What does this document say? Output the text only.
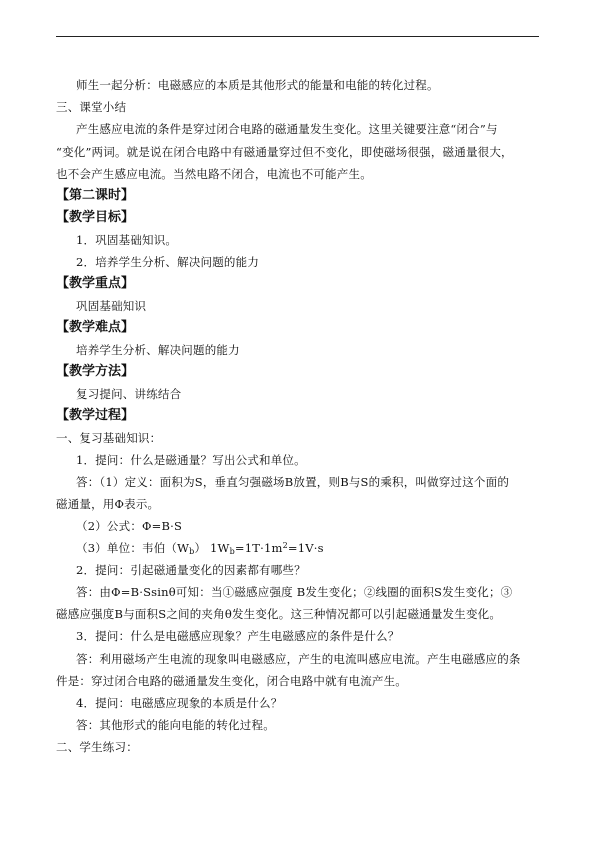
师生一起分析：电磁感应的本质是其他形式的能量和电能的转化过程。
三、课堂小结
产生感应电流的条件是穿过闭合电路的磁通量发生变化。这里关键要注意“闭合”与
“变化”两词。就是说在闭合电路中有磁通量穿过但不变化，即使磁场很强，磁通量很大，
也不会产生感应电流。当然电路不闭合，电流也不可能产生。
【第二课时】
【教学目标】
1．巩固基础知识。
2．培养学生分析、解决问题的能力
【教学重点】
巩固基础知识
【教学难点】
培养学生分析、解决问题的能力
【教学方法】
复习提问、讲练结合
【教学过程】
一、复习基础知识：
1．提问：什么是磁通量？写出公式和单位。
答：（1）定义：面积为S，垂直匀强磁场B放置，则B与S的乘积，叫做穿过这个面的
磁通量，用Φ表示。
（2）公式：Φ=B·S
（3）单位：韦伯$(W_b)$ $1W_b=1T\cdot 1m^2=1V\cdot s$
2．提问：引起磁通量变化的因素都有哪些？
答：由Φ=B·Ssinθ可知：当①磁感应强度 B发生变化；②线圈的面积S发生变化；③
磁感应强度B与面积S之间的夹角θ发生变化。这三种情况都可以引起磁通量发生变化。
3．提问：什么是电磁感应现象？产生电磁感应的条件是什么？
答：利用磁场产生电流的现象叫电磁感应，产生的电流叫感应电流。产生电磁感应的条
件是：穿过闭合电路的磁通量发生变化，闭合电路中就有电流产生。
4．提问：电磁感应现象的本质是什么？
答：其他形式的能向电能的转化过程。
二、学生练习：
